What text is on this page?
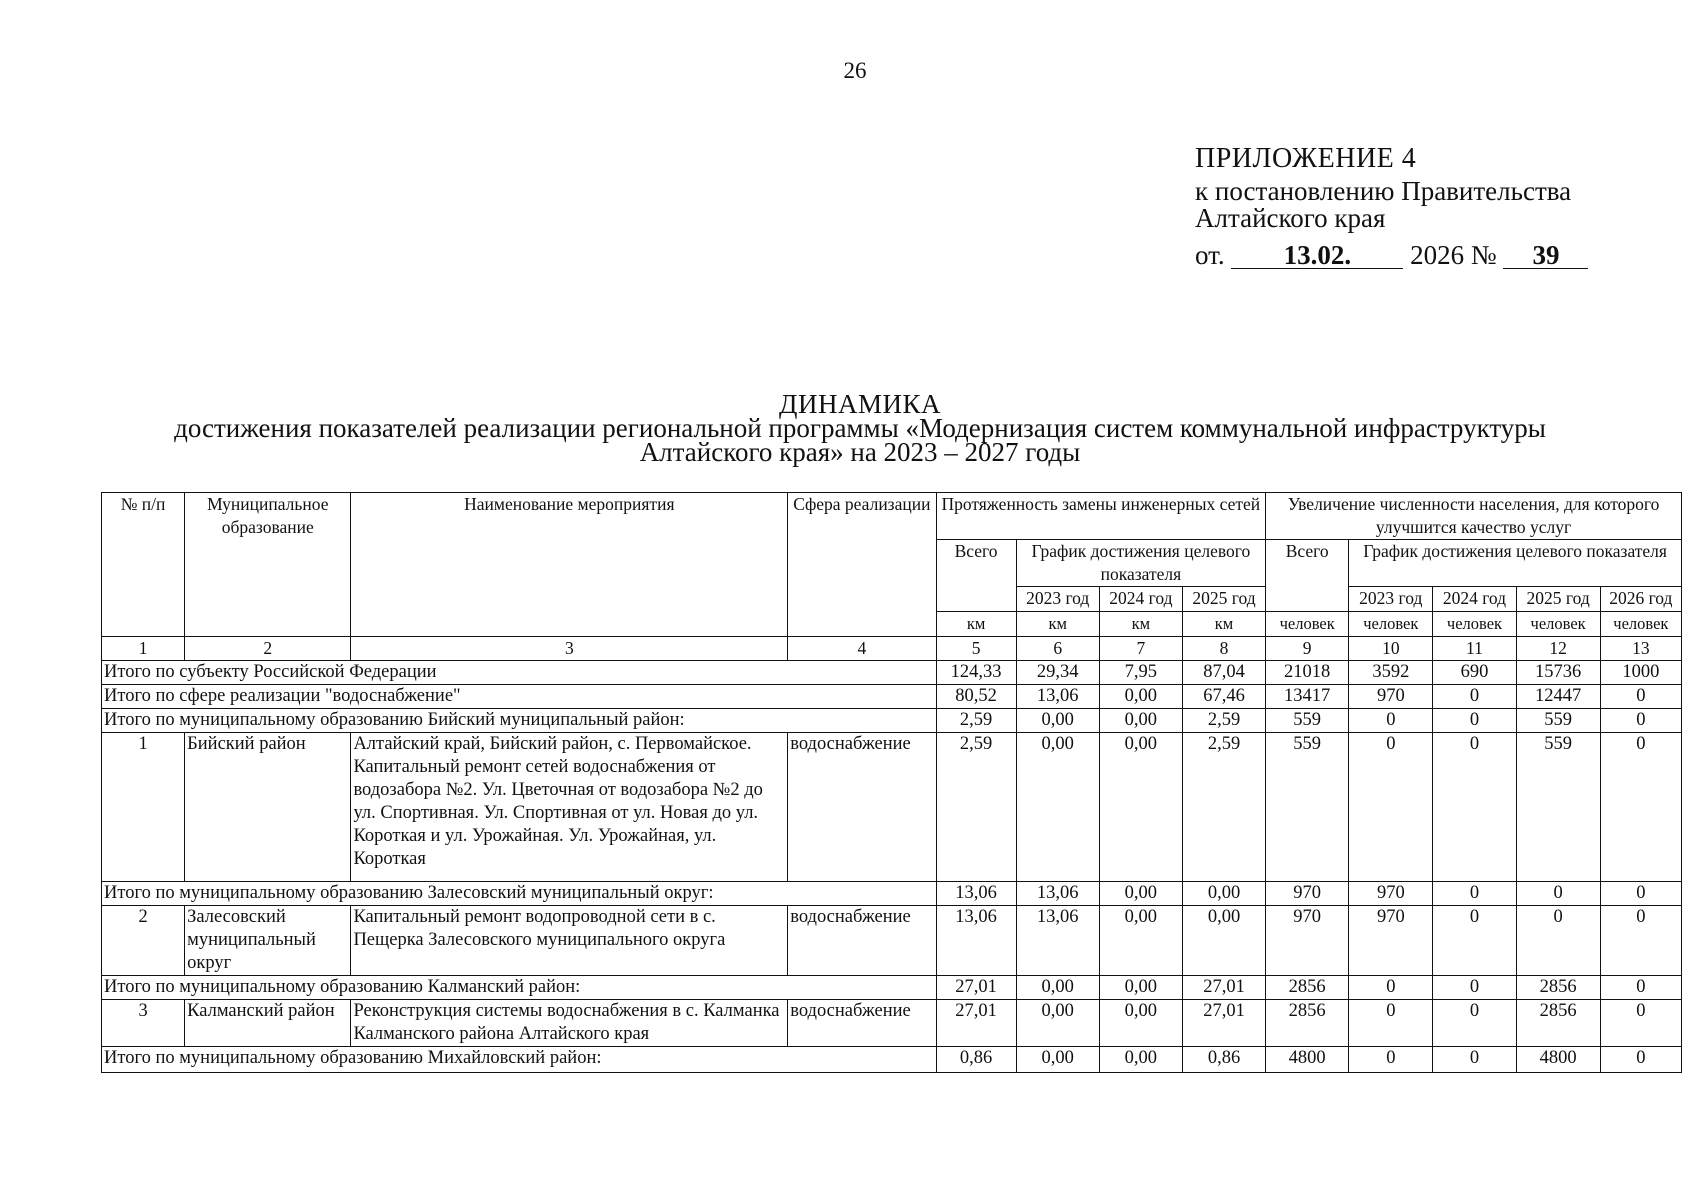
26
ПРИЛОЖЕНИЕ 4
к постановлению Правительства
Алтайского края
от. 13.02. 2026 № 39
ДИНАМИКА
достижения показателей реализации региональной программы «Модернизация систем коммунальной инфраструктуры
Алтайского края» на 2023 – 2027 годы
№ п/п	Муниципальное образование	Наименование мероприятия	Сфера реализации	Протяженность замены инженерных сетей				Увеличение численности населения, для которого улучшится качество услуг				
				Всего	График достижения целевого показателя			Всего	График достижения целевого показателя			
					2023 год	2024 год	2025 год		2023 год	2024 год	2025 год	2026 год
				км	км	км	км	человек	человек	человек	человек	человек
1	2	3	4	5	6	7	8	9	10	11	12	13
Итого по субъекту Российской Федерации				124,33	29,34	7,95	87,04	21018	3592	690	15736	1000
Итого по сфере реализации "водоснабжение"				80,52	13,06	0,00	67,46	13417	970	0	12447	0
Итого по муниципальному образованию Бийский муниципальный район:				2,59	0,00	0,00	2,59	559	0	0	559	0
1	Бийский район	Алтайский край, Бийский район, с. Первомайское. Капитальный ремонт сетей водоснабжения от водозабора №2. Ул. Цветочная от водозабора №2 до ул. Спортивная. Ул. Спортивная от ул. Новая до ул. Короткая и ул. Урожайная. Ул. Урожайная, ул. Короткая	водоснабжение	2,59	0,00	0,00	2,59	559	0	0	559	0
Итого по муниципальному образованию Залесовский муниципальный округ:				13,06	13,06	0,00	0,00	970	970	0	0	0
2	Залесовский муниципальный округ	Капитальный ремонт водопроводной сети в с. Пещерка Залесовского муниципального округа	водоснабжение	13,06	13,06	0,00	0,00	970	970	0	0	0
Итого по муниципальному образованию Калманский район:				27,01	0,00	0,00	27,01	2856	0	0	2856	0
3	Калманский район	Реконструкция системы водоснабжения в с. Калманка Калманского района Алтайского края	водоснабжение	27,01	0,00	0,00	27,01	2856	0	0	2856	0
Итого по муниципальному образованию Михайловский район:				0,86	0,00	0,00	0,86	4800	0	0	4800	0
